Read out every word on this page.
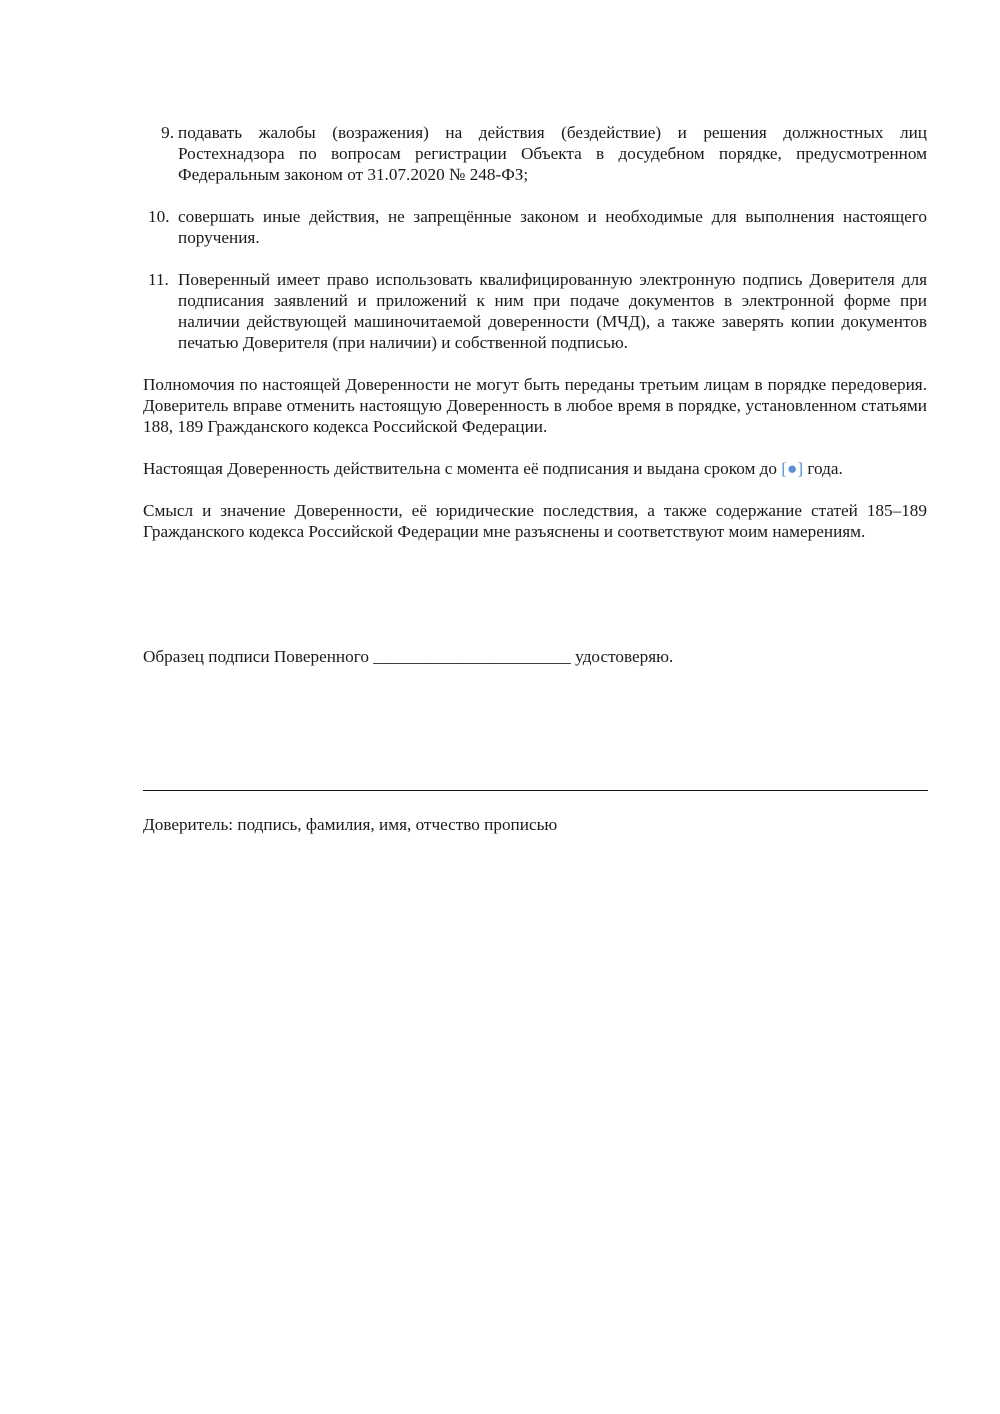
9. подавать жалобы (возражения) на действия (бездействие) и решения должностных лиц Ростехнадзора по вопросам регистрации Объекта в досудебном порядке, предусмотренном Федеральным законом от 31.07.2020 № 248-ФЗ;
10. совершать иные действия, не запрещённые законом и необходимые для выполнения настоящего поручения.
11. Поверенный имеет право использовать квалифицированную электронную подпись Доверителя для подписания заявлений и приложений к ним при подаче документов в электронной форме при наличии действующей машиночитаемой доверенности (МЧД), а также заверять копии документов печатью Доверителя (при наличии) и собственной подписью.

Полномочия по настоящей Доверенности не могут быть переданы третьим лицам в порядке передоверия. Доверитель вправе отменить настоящую Доверенность в любое время в порядке, установленном статьями 188, 189 Гражданского кодекса Российской Федерации.

Настоящая Доверенность действительна с момента её подписания и выдана сроком до [●] года.

Смысл и значение Доверенности, её юридические последствия, а также содержание статей 185–189 Гражданского кодекса Российской Федерации мне разъяснены и соответствуют моим намерениям.

Образец подписи Поверенного _______________________ удостоверяю.
Доверитель: подпись, фамилия, имя, отчество прописью
